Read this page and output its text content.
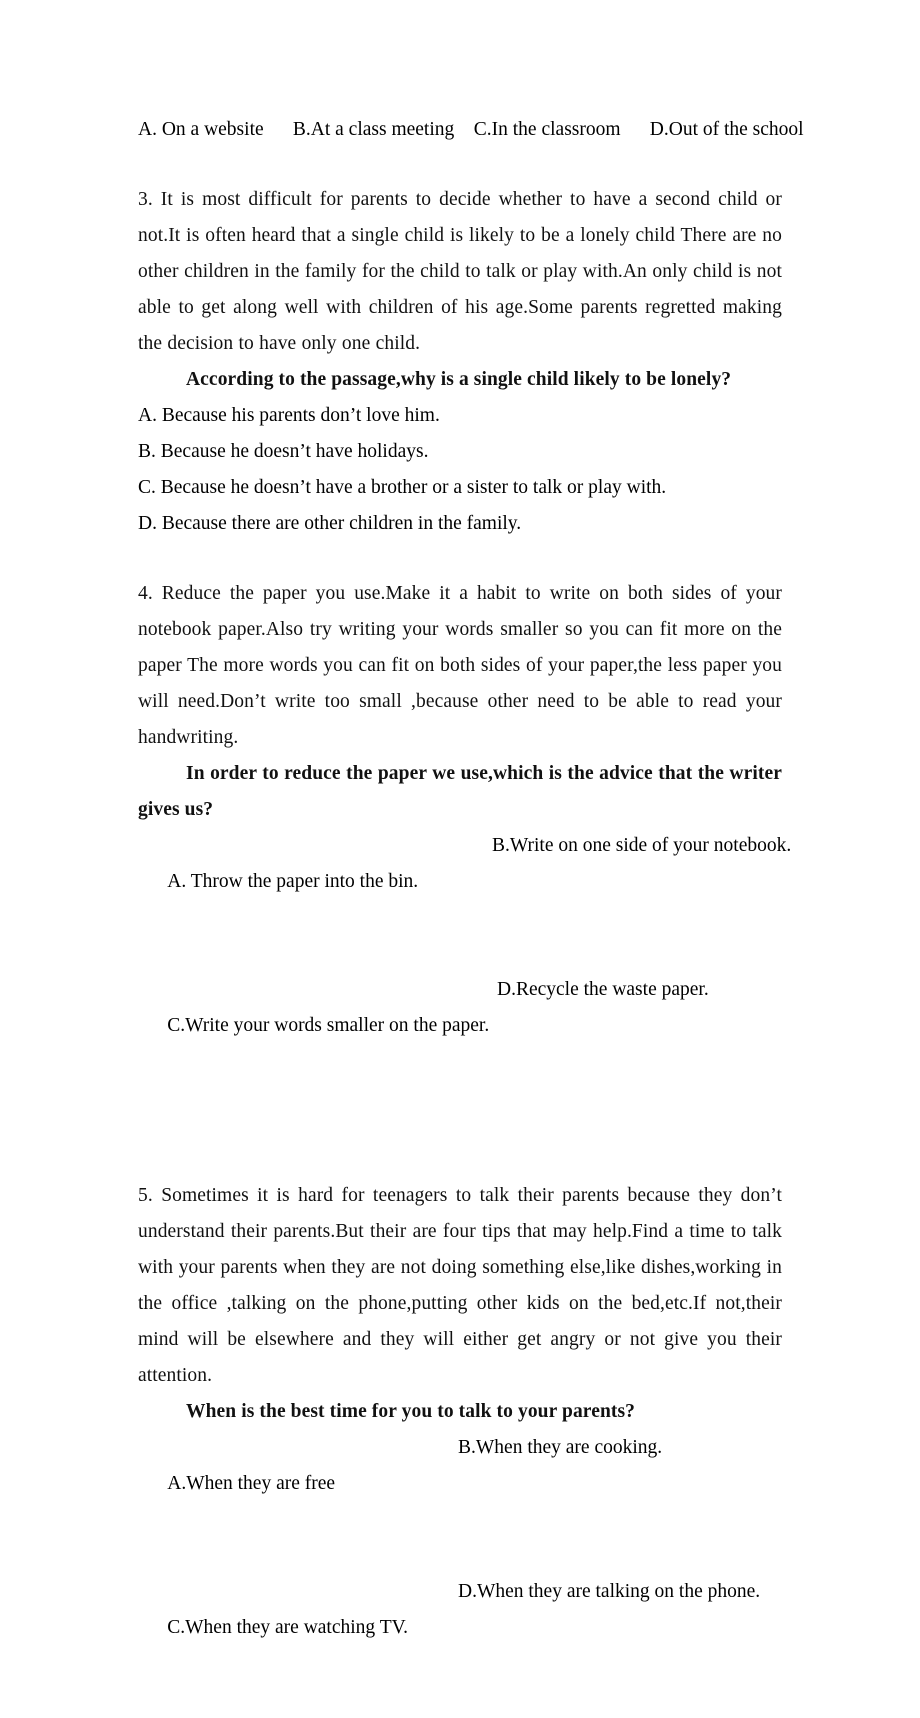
A. On a website      B.At a class meeting    C.In the classroom      D.Out of the school

3. It is most difficult for parents to decide whether to have a second child or not.It is often heard that a single child is likely to be a lonely child There are no other children in the family for the child to talk or play with.An only child is not able to get along well with children of his age.Some parents regretted making the decision to have only one child.

According to the passage,why is a single child likely to be lonely?

A. Because his parents don’t love him.
B. Because he doesn’t have holidays.
C. Because he doesn’t have a brother or a sister to talk or play with.
D. Because there are other children in the family.

4. Reduce the paper you use.Make it a habit to write on both sides of your notebook paper.Also try writing your words smaller so you can fit more on the paper The more words you can fit on both sides of your paper,the less paper you will need.Don’t write too small ,because other need to be able to read your handwriting.

In order to reduce the paper we use,which is the advice that the writer gives us?

A. Throw the paper into the bin.

B.Write on one side of your notebook.

C.Write your words smaller on the paper.

D.Recycle the waste paper.

5. Sometimes it is hard for teenagers to talk their parents because they don’t understand their parents.But their are four tips that may help.Find a time to talk with your parents when they are not doing something else,like dishes,working in the office ,talking on the phone,putting other kids on the bed,etc.If not,their mind will be elsewhere and they will either get angry or not give you their attention.

When is the best time for you to talk to your parents?

A.When they are free

B.When they are cooking.

C.When they are watching TV.

D.When they are talking on the phone.
